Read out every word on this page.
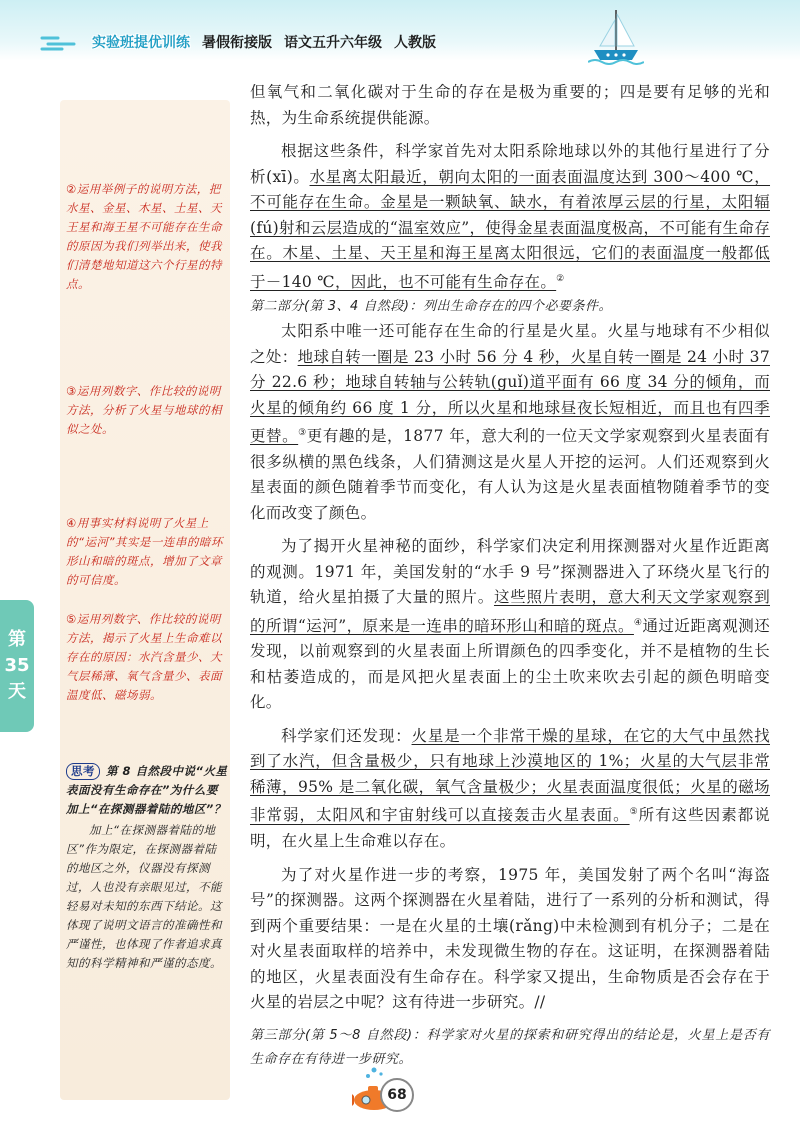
实验班提优训练 暑假衔接版 语文五升六年级 人教版
②运用举例子的说明方法，把水星、金星、木星、土星、天王星和海王星不可能存在生命的原因为我们列举出来，使我们清楚地知道这六个行星的特点。
③运用列数字、作比较的说明方法，分析了火星与地球的相似之处。
④用事实材料说明了火星上的“运河”其实是一连串的暗环形山和暗的斑点，增加了文章的可信度。
⑤运用列数字、作比较的说明方法，揭示了火星上生命难以存在的原因：水汽含量少、大气层稀薄、氧气含量少、表面温度低、磁场弱。
思考 第 8 自然段中说“火星表面没有生命存在”为什么要加上“在探测器着陆的地区”？
加上“在探测器着陆的地区”作为限定，在探测器着陆的地区之外，仪器没有探测过，人也没有亲眼见过，不能轻易对未知的东西下结论。这体现了说明文语言的准确性和严谨性，也体现了作者追求真知的科学精神和严谨的态度。
第
35
天

但氧气和二氧化碳对于生命的存在是极为重要的；四是要有足够的光和热，为生命系统提供能源。

根据这些条件，科学家首先对太阳系除地球以外的其他行星进行了分析(xī)。水星离太阳最近，朝向太阳的一面表面温度达到 300～400 ℃，不可能存在生命。金星是一颗缺氧、缺水，有着浓厚云层的行星，太阳辐(fú)射和云层造成的“温室效应”，使得金星表面温度极高，不可能有生命存在。木星、土星、天王星和海王星离太阳很远，它们的表面温度一般都低于－140 ℃，因此，也不可能有生命存在。②

第二部分(第 3、4 自然段)：列出生命存在的四个必要条件。

太阳系中唯一还可能存在生命的行星是火星。火星与地球有不少相似之处：地球自转一圈是 23 小时 56 分 4 秒，火星自转一圈是 24 小时 37 分 22.6 秒；地球自转轴与公转轨(guǐ)道平面有 66 度 34 分的倾角，而火星的倾角约 66 度 1 分，所以火星和地球昼夜长短相近，而且也有四季更替。③更有趣的是，1877 年，意大利的一位天文学家观察到火星表面有很多纵横的黑色线条，人们猜测这是火星人开挖的运河。人们还观察到火星表面的颜色随着季节而变化，有人认为这是火星表面植物随着季节的变化而改变了颜色。

为了揭开火星神秘的面纱，科学家们决定利用探测器对火星作近距离的观测。1971 年，美国发射的“水手 9 号”探测器进入了环绕火星飞行的轨道，给火星拍摄了大量的照片。这些照片表明，意大利天文学家观察到的所谓“运河”，原来是一连串的暗环形山和暗的斑点。④通过近距离观测还发现，以前观察到的火星表面上所谓颜色的四季变化，并不是植物的生长和枯萎造成的，而是风把火星表面上的尘土吹来吹去引起的颜色明暗变化。

科学家们还发现：火星是一个非常干燥的星球，在它的大气中虽然找到了水汽，但含量极少，只有地球上沙漠地区的 1%；火星的大气层非常稀薄，95% 是二氧化碳，氧气含量极少；火星表面温度很低；火星的磁场非常弱，太阳风和宇宙射线可以直接轰击火星表面。⑤所有这些因素都说明，在火星上生命难以存在。

为了对火星作进一步的考察，1975 年，美国发射了两个名叫“海盗号”的探测器。这两个探测器在火星着陆，进行了一系列的分析和测试，得到两个重要结果：一是在火星的土壤(rǎng)中未检测到有机分子；二是在对火星表面取样的培养中，未发现微生物的存在。这证明，在探测器着陆的地区，火星表面没有生命存在。科学家又提出，生命物质是否会存在于火星的岩层之中呢？这有待进一步研究。//

第三部分(第 5～8 自然段)：科学家对火星的探索和研究得出的结论是，火星上是否有生命存在有待进一步研究。

68
